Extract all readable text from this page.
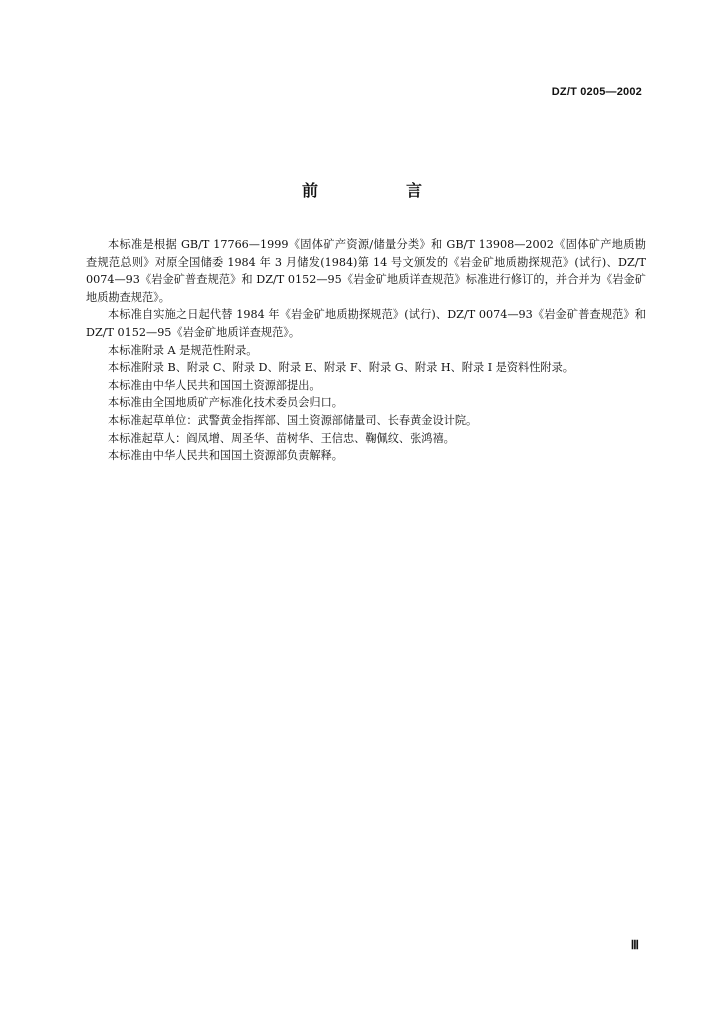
DZ/T 0205—2002
前　言

本标准是根据 GB/T 17766—1999《固体矿产资源/储量分类》和 GB/T 13908—2002《固体矿产地质勘查规范总则》对原全国储委 1984 年 3 月储发(1984)第 14 号文颁发的《岩金矿地质勘探规范》(试行)、DZ/T 0074—93《岩金矿普查规范》和 DZ/T 0152—95《岩金矿地质详查规范》标准进行修订的，并合并为《岩金矿地质勘查规范》。

本标准自实施之日起代替 1984 年《岩金矿地质勘探规范》(试行)、DZ/T 0074—93《岩金矿普查规范》和 DZ/T 0152—95《岩金矿地质详查规范》。

本标准附录 A 是规范性附录。

本标准附录 B、附录 C、附录 D、附录 E、附录 F、附录 G、附录 H、附录 I 是资料性附录。

本标准由中华人民共和国国土资源部提出。

本标准由全国地质矿产标准化技术委员会归口。

本标准起草单位：武警黄金指挥部、国土资源部储量司、长春黄金设计院。

本标准起草人：阎凤增、周圣华、苗树华、王信忠、鞠佩纹、张鸿禧。

本标准由中华人民共和国国土资源部负责解释。

Ⅲ
